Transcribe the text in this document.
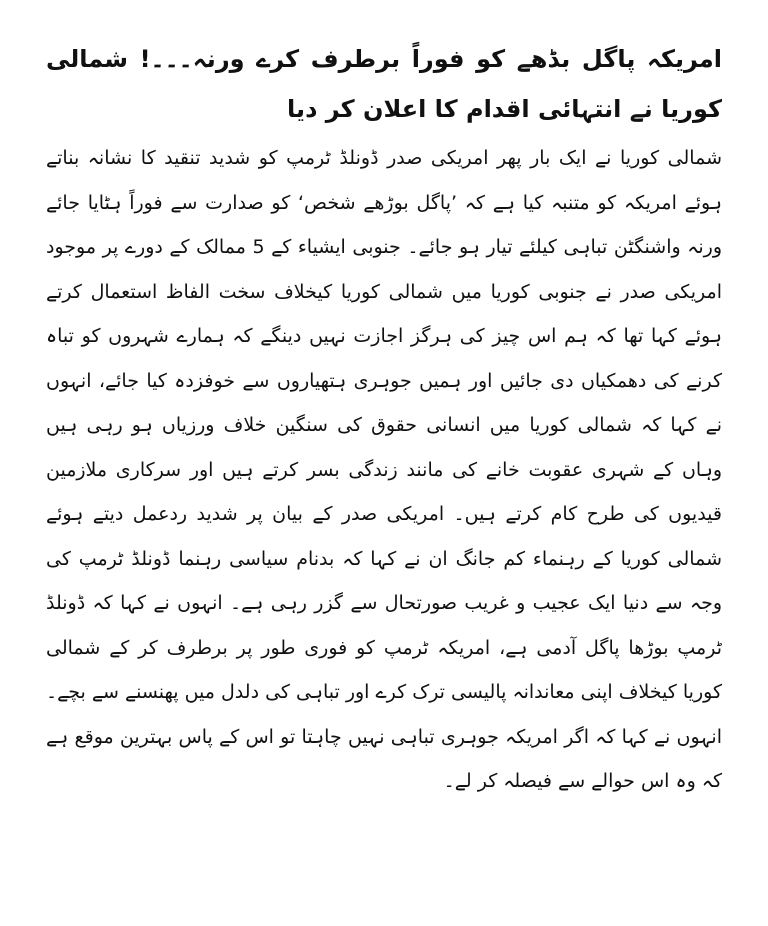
امریکہ پاگل بڈھے کو فوراً برطرف کرے ورنہ۔۔۔! شمالی کوریا نے انتہائی اقدام کا اعلان کر دیا

شمالی کوریا نے ایک بار پھر امریکی صدر ڈونلڈ ٹرمپ کو شدید تنقید کا نشانہ بناتے ہوئے امریکہ کو متنبہ کیا ہے کہ ’پاگل بوڑھے شخص‘ کو صدارت سے فوراً ہٹایا جائے ورنہ واشنگٹن تباہی کیلئے تیار ہو جائے۔ جنوبی ایشیاء کے 5 ممالک کے دورے پر موجود امریکی صدر نے جنوبی کوریا میں شمالی کوریا کیخلاف سخت الفاظ استعمال کرتے ہوئے کہا تھا کہ ہم اس چیز کی ہرگز اجازت نہیں دینگے کہ ہمارے شہروں کو تباہ کرنے کی دھمکیاں دی جائیں اور ہمیں جوہری ہتھیاروں سے خوفزدہ کیا جائے، انہوں نے کہا کہ شمالی کوریا میں انسانی حقوق کی سنگین خلاف ورزیاں ہو رہی ہیں وہاں کے شہری عقوبت خانے کی مانند زندگی بسر کرتے ہیں اور سرکاری ملازمین قیدیوں کی طرح کام کرتے ہیں۔ امریکی صدر کے بیان پر شدید ردعمل دیتے ہوئے شمالی کوریا کے رہنماء کم جانگ ان نے کہا کہ بدنام سیاسی رہنما ڈونلڈ ٹرمپ کی وجہ سے دنیا ایک عجیب و غریب صورتحال سے گزر رہی ہے۔ انہوں نے کہا کہ ڈونلڈ ٹرمپ بوڑھا پاگل آدمی ہے، امریکہ ٹرمپ کو فوری طور پر برطرف کر کے شمالی کوریا کیخلاف اپنی معاندانہ پالیسی ترک کرے اور تباہی کی دلدل میں پھنسنے سے بچے۔ انہوں نے کہا کہ اگر امریکہ جوہری تباہی نہیں چاہتا تو اس کے پاس بہترین موقع ہے کہ وہ اس حوالے سے فیصلہ کر لے۔
